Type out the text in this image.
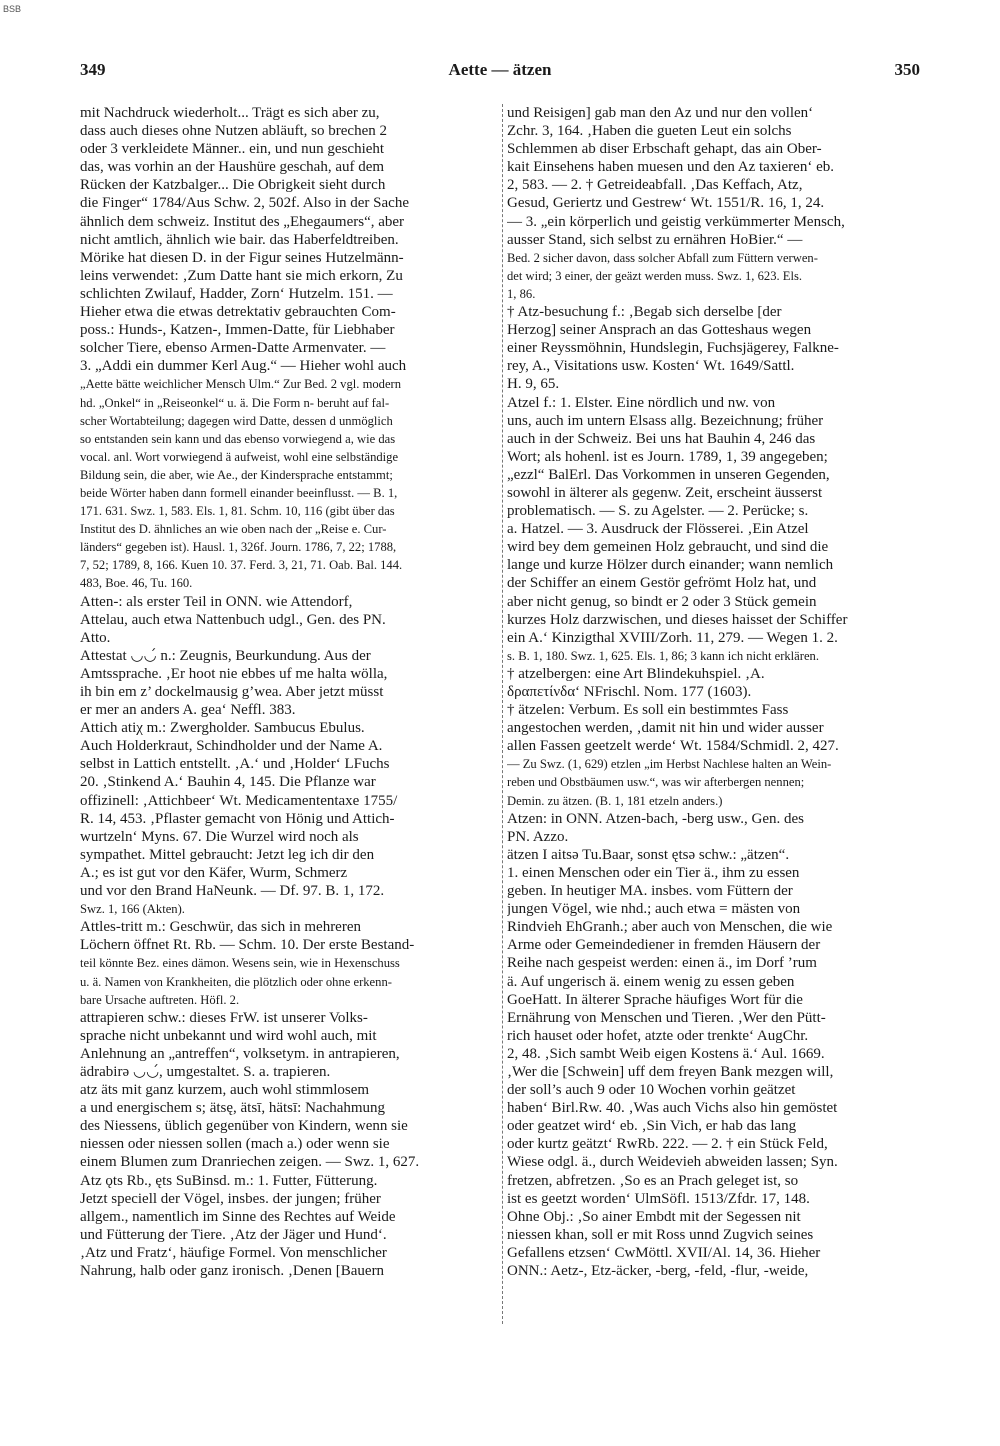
BSB
349	Aette — ätzen	350
mit Nachdruck wiederholt... Trägt es sich aber zu,
dass auch dieses ohne Nutzen abläuft, so brechen 2
oder 3 verkleidete Männer.. ein, und nun geschieht
das, was vorhin an der Haushüre geschah, auf dem
Rücken der Katzbalger... Die Obrigkeit sieht durch
die Finger“ 1784/Aus Schw. 2, 502f. Also in der Sache
ähnlich dem schweiz. Institut des „Ehegaumers“, aber
nicht amtlich, ähnlich wie bair. das Haberfeldtreiben.
Mörike hat diesen D. in der Figur seines Hutzelmänn-
leins verwendet: ‚Zum Datte hant sie mich erkorn, Zu
schlichten Zwilauf, Hadder, Zorn‘ Hutzelm. 151. —
Hieher etwa die etwas detrektativ gebrauchten Com-
poss.: Hunds-, Katzen-, Immen-Datte, für Liebhaber
solcher Tiere, ebenso Armen-Datte Armenvater. —
3. „Addi ein dummer Kerl Aug.“ — Hieher wohl auch
„Aette bätte weichlicher Mensch Ulm.“ Zur Bed. 2 vgl. modern
hd. „Onkel“ in „Reiseonkel“ u. ä. Die Form n- beruht auf fal-
scher Wortabteilung; dagegen wird Datte, dessen d unmöglich
so entstanden sein kann und das ebenso vorwiegend a, wie das
vocal. anl. Wort vorwiegend ä aufweist, wohl eine selbständige
Bildung sein, die aber, wie Ae., der Kindersprache entstammt;
beide Wörter haben dann formell einander beeinflusst. — B. 1,
171. 631. Swz. 1, 583. Els. 1, 81. Schm. 10, 116 (gibt über das
Institut des D. ähnliches an wie oben nach der „Reise e. Cur-
länders“ gegeben ist). Hausl. 1, 326f. Journ. 1786, 7, 22; 1788,
7, 52; 1789, 8, 166. Kuen 10. 37. Ferd. 3, 21, 71. Oab. Bal. 144.
483, Boe. 46, Tu. 160.
Atten-: als erster Teil in ONN. wie Attendorf,
Attelau, auch etwa Nattenbuch udgl., Gen. des PN.
Atto.
Attestat ◡◡́ n.: Zeugnis, Beurkundung. Aus der
Amtssprache. ‚Er hoot nie ebbes uf me halta wölla,
ih bin em z’ dockelmausig g’wea. Aber jetzt müsst
er mer an anders A. gea‘ Neffl. 383.
Attich atiχ m.: Zwergholder. Sambucus Ebulus.
Auch Holderkraut, Schindholder und der Name A.
selbst in Lattich entstellt. ‚A.‘ und ‚Holder‘ LFuchs
20. ‚Stinkend A.‘ Bauhin 4, 145. Die Pflanze war
offizinell: ‚Attichbeer‘ Wt. Medicamententaxe 1755/
R. 14, 453. ‚Pflaster gemacht von Hönig und Attich-
wurtzeln‘ Myns. 67. Die Wurzel wird noch als
sympathet. Mittel gebraucht: Jetzt leg ich dir den
A.; es ist gut vor den Käfer, Wurm, Schmerz
und vor den Brand HaNeunk. — Df. 97. B. 1, 172.
Swz. 1, 166 (Akten).
Attles-tritt m.: Geschwür, das sich in mehreren
Löchern öffnet Rt. Rb. — Schm. 10. Der erste Bestand-
teil könnte Bez. eines dämon. Wesens sein, wie in Hexenschuss
u. ä. Namen von Krankheiten, die plötzlich oder ohne erkenn-
bare Ursache auftreten. Höfl. 2.
attrapieren schw.: dieses FrW. ist unserer Volks-
sprache nicht unbekannt und wird wohl auch, mit
Anlehnung an „antreffen“, volksetym. in antrapieren,
ädrabirə ◡◡́, umgestaltet. S. a. trapieren.
atz äts mit ganz kurzem, auch wohl stimmlosem
a und energischem s; ätsę, ätsī, hätsī: Nachahmung
des Niessens, üblich gegenüber von Kindern, wenn sie
niessen oder niessen sollen (mach a.) oder wenn sie
einem Blumen zum Dranriechen zeigen. — Swz. 1, 627.
Atz ǫts Rb., ęts SuBinsd. m.: 1. Futter, Fütterung.
Jetzt speciell der Vögel, insbes. der jungen; früher
allgem., namentlich im Sinne des Rechtes auf Weide
und Fütterung der Tiere. ‚Atz der Jäger und Hund‘.
‚Atz und Fratz‘, häufige Formel. Von menschlicher
Nahrung, halb oder ganz ironisch. ‚Denen [Bauern
und Reisigen] gab man den Az und nur den vollen‘
Zchr. 3, 164. ‚Haben die gueten Leut ein solchs
Schlemmen ab diser Erbschaft gehapt, das ain Ober-
kait Einsehens haben muesen und den Az taxieren‘ eb.
2, 583. — 2. † Getreideabfall. ‚Das Keffach, Atz,
Gesud, Geriertz und Gestrew‘ Wt. 1551/R. 16, 1, 24.
— 3. „ein körperlich und geistig verkümmerter Mensch,
ausser Stand, sich selbst zu ernähren HoBier.“ —
Bed. 2 sicher davon, dass solcher Abfall zum Füttern verwen-
det wird; 3 einer, der geäzt werden muss. Swz. 1, 623. Els.
1, 86.
† Atz-besuchung f.: ‚Begab sich derselbe [der
Herzog] seiner Ansprach an das Gotteshaus wegen
einer Reyssmöhnin, Hundslegin, Fuchsjägerey, Falkne-
rey, A., Visitations usw. Kosten‘ Wt. 1649/Sattl.
H. 9, 65.
Atzel f.: 1. Elster. Eine nördlich und nw. von
uns, auch im untern Elsass allg. Bezeichnung; früher
auch in der Schweiz. Bei uns hat Bauhin 4, 246 das
Wort; als hohenl. ist es Journ. 1789, 1, 39 angegeben;
„ezzl“ BalErl. Das Vorkommen in unseren Gegenden,
sowohl in älterer als gegenw. Zeit, erscheint äusserst
problematisch. — S. zu Agelster. — 2. Perücke; s.
a. Hatzel. — 3. Ausdruck der Flösserei. ‚Ein Atzel
wird bey dem gemeinen Holz gebraucht, und sind die
lange und kurze Hölzer durch einander; wann nemlich
der Schiffer an einem Gestör gefrömt Holz hat, und
aber nicht genug, so bindt er 2 oder 3 Stück gemein
kurzes Holz darzwischen, und dieses haisset der Schiffer
ein A.‘ Kinzigthal XVIII/Zorh. 11, 279. — Wegen 1. 2.
s. B. 1, 180. Swz. 1, 625. Els. 1, 86; 3 kann ich nicht erklären.
† atzelbergen: eine Art Blindekuhspiel. ‚A.
δραπετίνδα‘ NFrischl. Nom. 177 (1603).
† ätzelen: Verbum. Es soll ein bestimmtes Fass
angestochen werden, ‚damit nit hin und wider ausser
allen Fassen geetzelt werde‘ Wt. 1584/Schmidl. 2, 427.
— Zu Swz. (1, 629) etzlen „im Herbst Nachlese halten an Wein-
reben und Obstbäumen usw.“, was wir afterbergen nennen;
Demin. zu ätzen. (B. 1, 181 etzeln anders.)
Atzen: in ONN. Atzen-bach, -berg usw., Gen. des
PN. Azzo.
ätzen I aitsə Tu.Baar, sonst ętsə schw.: „ätzen“.
1. einen Menschen oder ein Tier ä., ihm zu essen
geben. In heutiger MA. insbes. vom Füttern der
jungen Vögel, wie nhd.; auch etwa = mästen von
Rindvieh EhGranh.; aber auch von Menschen, die wie
Arme oder Gemeindediener in fremden Häusern der
Reihe nach gespeist werden: einen ä., im Dorf ’rum
ä. Auf ungerisch ä. einem wenig zu essen geben
GoeHatt. In älterer Sprache häufiges Wort für die
Ernährung von Menschen und Tieren. ‚Wer den Pütt-
rich hauset oder hofet, atzte oder trenkte‘ AugChr.
2, 48. ‚Sich sambt Weib eigen Kostens ä.‘ Aul. 1669.
‚Wer die [Schwein] uff dem freyen Bank mezgen will,
der soll’s auch 9 oder 10 Wochen vorhin geätzet
haben‘ Birl.Rw. 40. ‚Was auch Vichs also hin gemöstet
oder geatzet wird‘ eb. ‚Sin Vich, er hab das lang
oder kurtz geätzt‘ RwRb. 222. — 2. † ein Stück Feld,
Wiese odgl. ä., durch Weidevieh abweiden lassen; Syn.
fretzen, abfretzen. ‚So es an Prach geleget ist, so
ist es geetzt worden‘ UlmSöfl. 1513/Zfdr. 17, 148.
Ohne Obj.: ‚So ainer Embdt mit der Segessen nit
niessen khan, soll er mit Ross unnd Zugvich seines
Gefallens etzsen‘ CwMöttl. XVII/Al. 14, 36. Hieher
ONN.: Aetz-, Etz-äcker, -berg, -feld, -flur, -weide,
